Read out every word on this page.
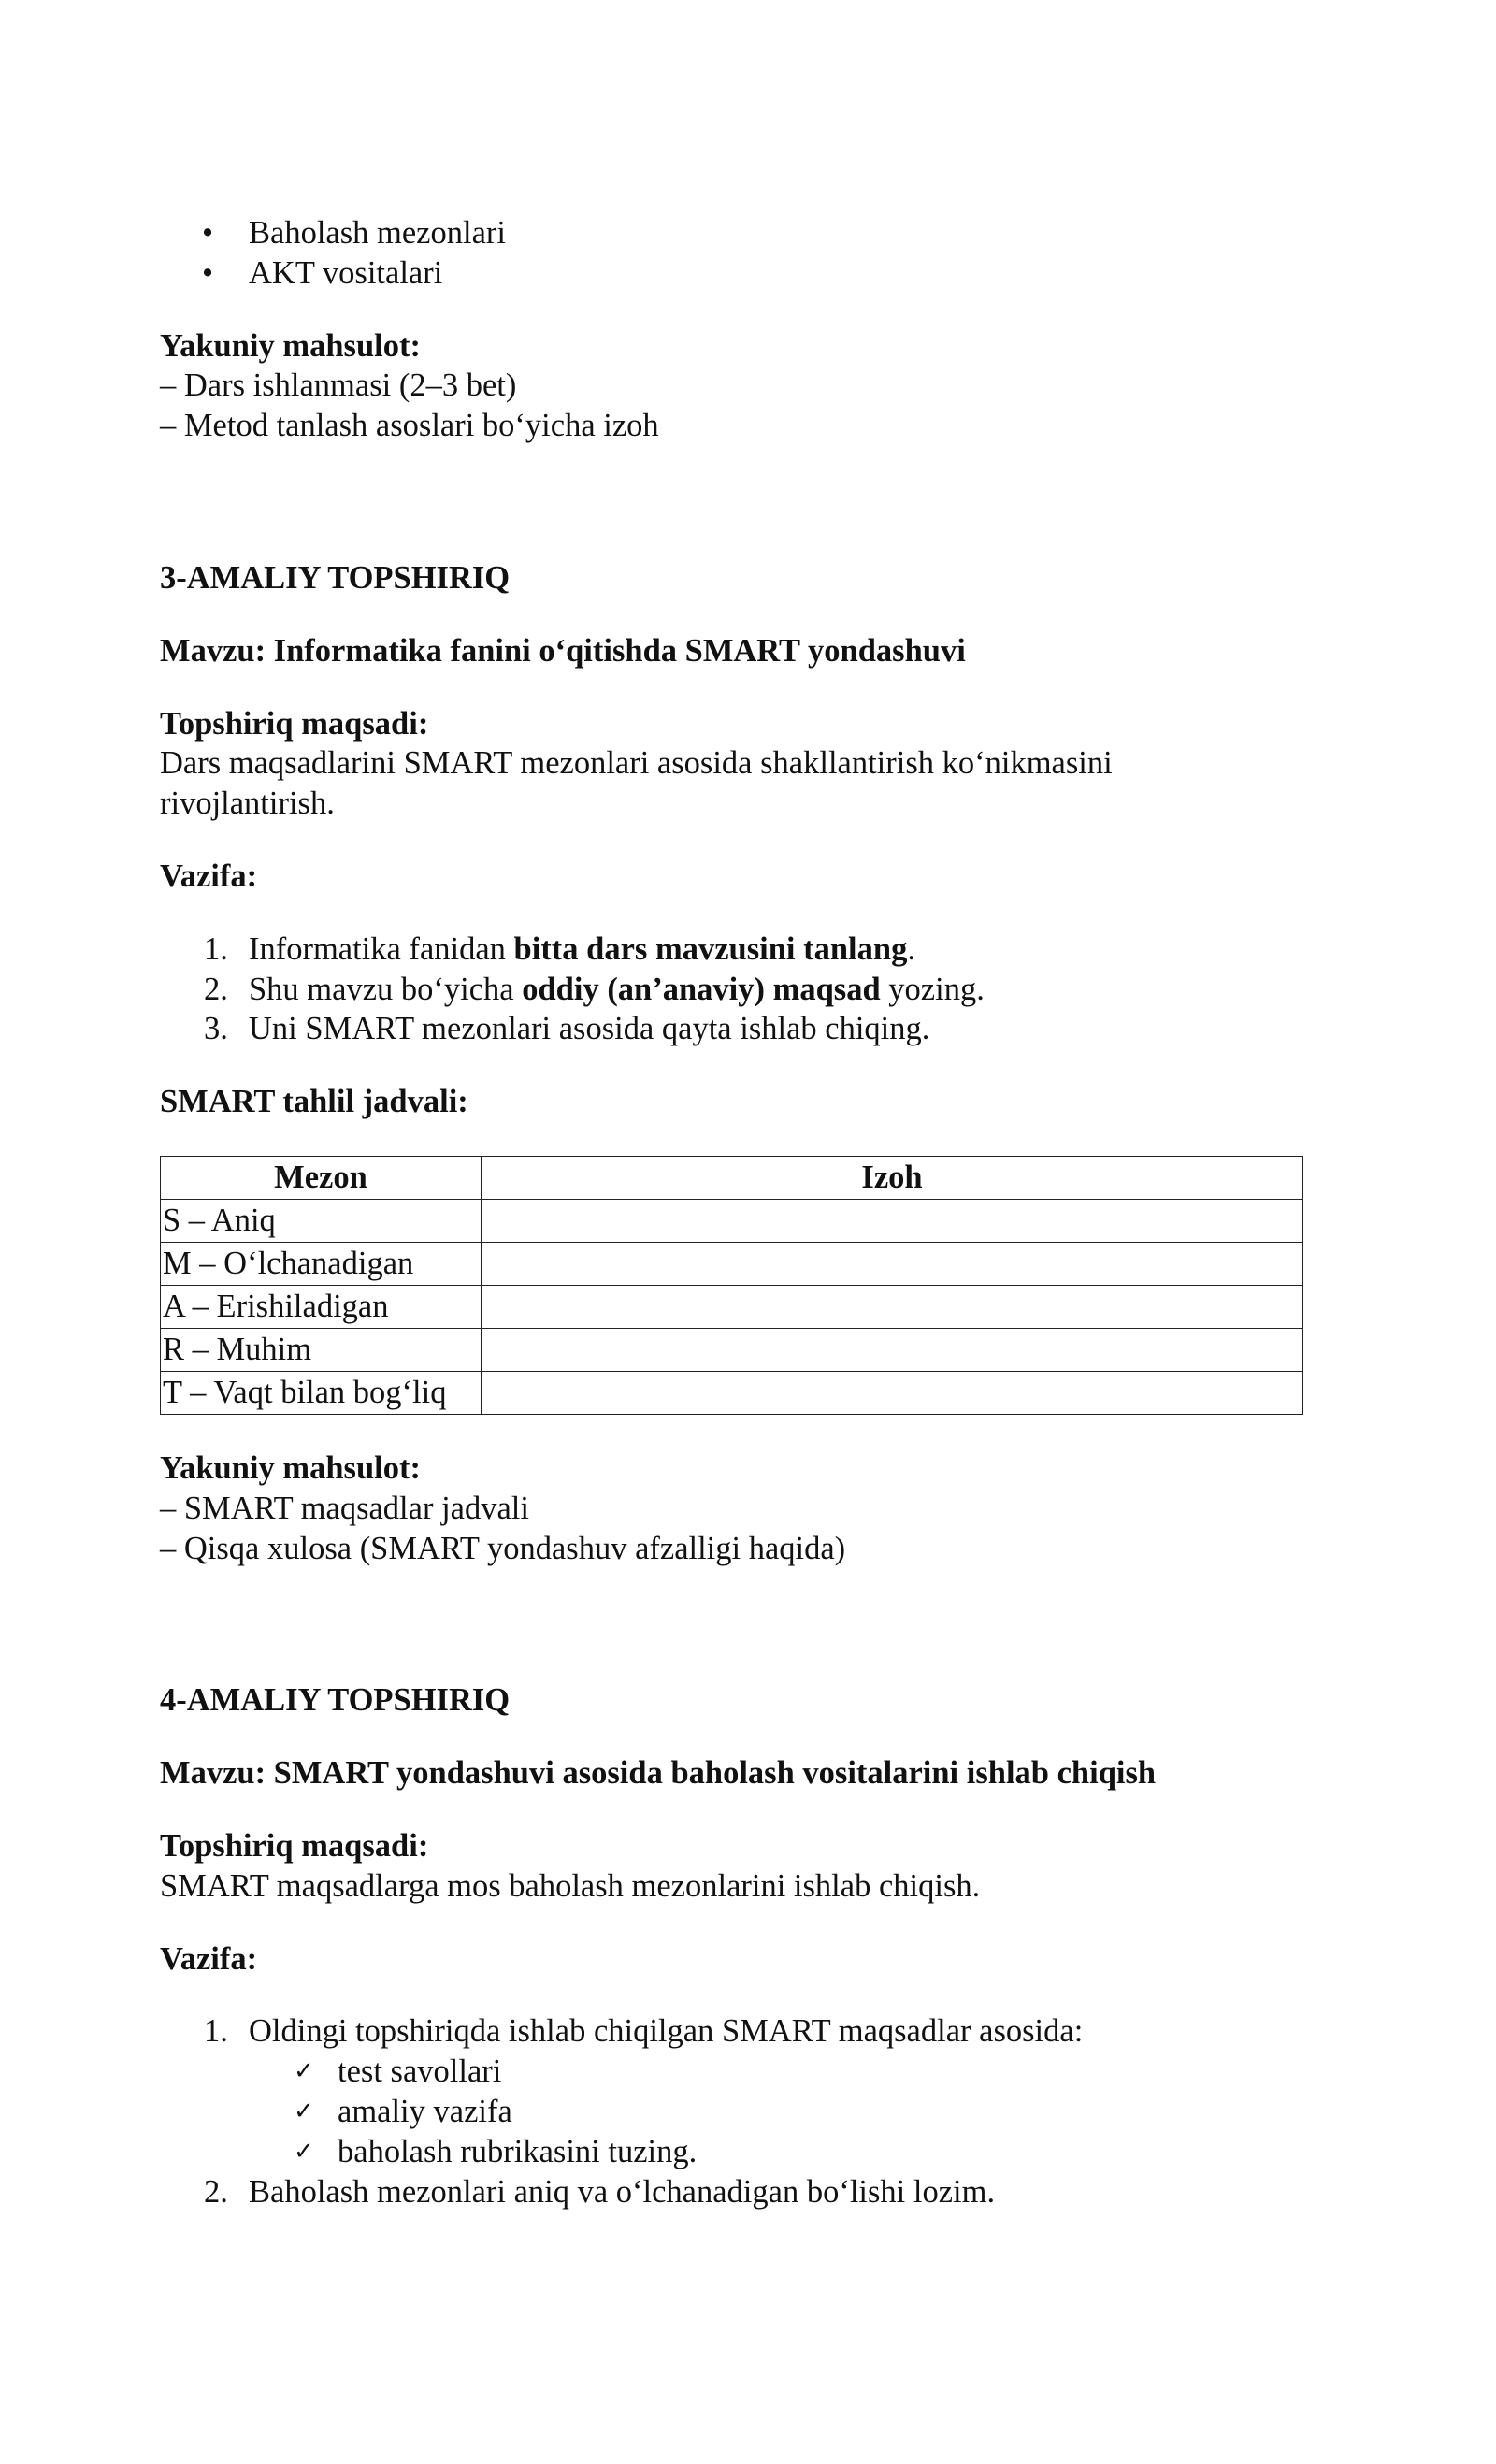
• Baholash mezonlari
• AKT vositalari

Yakuniy mahsulot:

– Dars ishlanmasi (2–3 bet)

– Metod tanlash asoslari bo‘yicha izoh

3-AMALIY TOPSHIRIQ

Mavzu: Informatika fanini o‘qitishda SMART yondashuvi

Topshiriq maqsadi:

Dars maqsadlarini SMART mezonlari asosida shakllantirish ko‘nikmasini rivojlantirish.

Vazifa:

1. Informatika fanidan bitta dars mavzusini tanlang.
2. Shu mavzu bo‘yicha oddiy (an’anaviy) maqsad yozing.
3. Uni SMART mezonlari asosida qayta ishlab chiqing.

SMART tahlil jadvali:

Mezon	Izoh
S – Aniq	
M – O‘lchanadigan	
A – Erishiladigan	
R – Muhim	
T – Vaqt bilan bog‘liq	

Yakuniy mahsulot:

– SMART maqsadlar jadvali

– Qisqa xulosa (SMART yondashuv afzalligi haqida)

4-AMALIY TOPSHIRIQ

Mavzu: SMART yondashuvi asosida baholash vositalarini ishlab chiqish

Topshiriq maqsadi:

SMART maqsadlarga mos baholash mezonlarini ishlab chiqish.

Vazifa:

1. Oldingi topshiriqda ishlab chiqilgan SMART maqsadlar asosida:
✓ test savollari
✓ amaliy vazifa
✓ baholash rubrikasini tuzing.
2. Baholash mezonlari aniq va o‘lchanadigan bo‘lishi lozim.
